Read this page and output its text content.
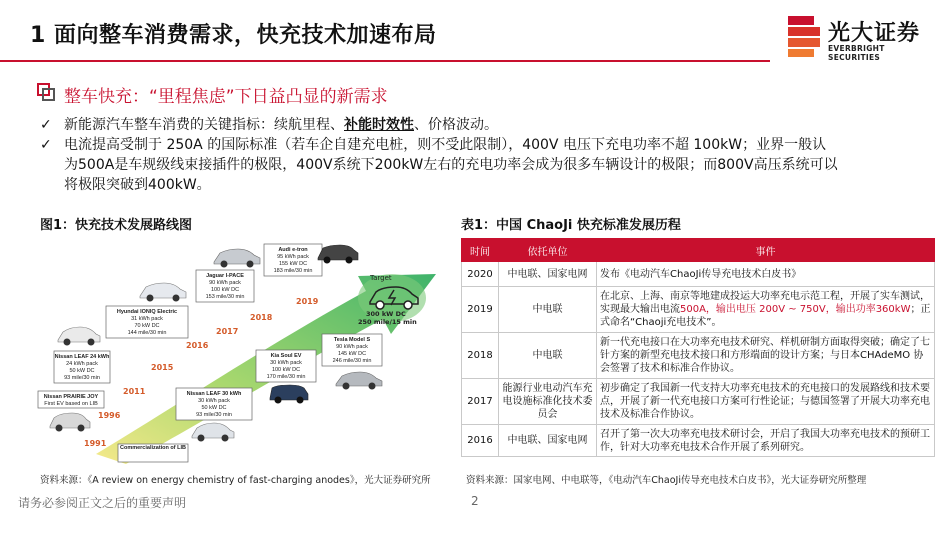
1 面向整车消费需求，快充技术加速布局	光大证券
EVERBRIGHT SECURITIES
整车快充：“里程焦虑”下日益凸显的新需求
✓ 新能源汽车整车消费的关键指标：续航里程、补能时效性、价格波动。
✓ 电流提高受制于 250A 的国际标准（若车企自建充电桩，则不受此限制），400V 电压下充电功率不超 100kW；业界一般认
为500A是车规级线束接插件的极限，400V系统下200kW左右的充电功率会成为很多车辆设计的极限；而800V高压系统可以
将极限突破到400kW。
图1：快充技术发展路线图
Target
300 kW DC
250 mile/15 min
1991
1996
2011
2015
2016
2017
2018
2019
Nissan PRAIRIE JOY
First EV based on LIB
Nissan LEAF 24 kWh
24 kWh pack
50 kW DC
93 mile/30 min
Hyundai IONIQ Electric
31 kWh pack
70 kW DC
144 mile/30 min
Jaguar I-PACE
90 kWh pack
100 kW DC
153 mile/30 min
Audi e-tron
95 kWh pack
155 kW DC
183 mile/30 min
Nissan LEAF 30 kWh
30 kWh pack
50 kW DC
93 mile/30 min
Kia Soul EV
30 kWh pack
100 kW DC
170 mile/30 min
Tesla Model S
90 kWh pack
145 kW DC
246 mile/30 min
Commercialization of LIB
表1：中国 ChaoJi 快充标准发展历程
时间	依托单位	事件
2020	中电联、国家电网	发布《电动汽车ChaoJi传导充电技术白皮书》
2019	中电联	在北京、上海、南京等地建成投运大功率充电示范工程，开展了实车测试，实现最大输出电流500A，输出电压 200V ~ 750V，输出功率360kW；正式命名“Chaoji充电技术”。
2018	中电联	新一代充电接口在大功率充电技术研究、样机研制方面取得突破；确定了七针方案的新型充电技术接口和方形端面的设计方案；与日本CHAdeMO 协会签署了技术和标准合作协议。
2017	能源行业电动汽车充电设施标准化技术委员会	初步确定了我国新一代支持大功率充电技术的充电接口的发展路线和技术要点，开展了新一代充电接口方案可行性论证；与德国签署了开展大功率充电技术及标准合作协议。
2016	中电联、国家电网	召开了第一次大功率充电技术研讨会，开启了我国大功率充电技术的预研工作，针对大功率充电技术合作开展了系列研究。
资料来源：《A review on energy chemistry of fast-charging anodes》，光大证券研究所	资料来源：国家电网、中电联等，《电动汽车ChaoJi传导充电技术白皮书》，光大证券研究所整理
请务必参阅正文之后的重要声明	2
